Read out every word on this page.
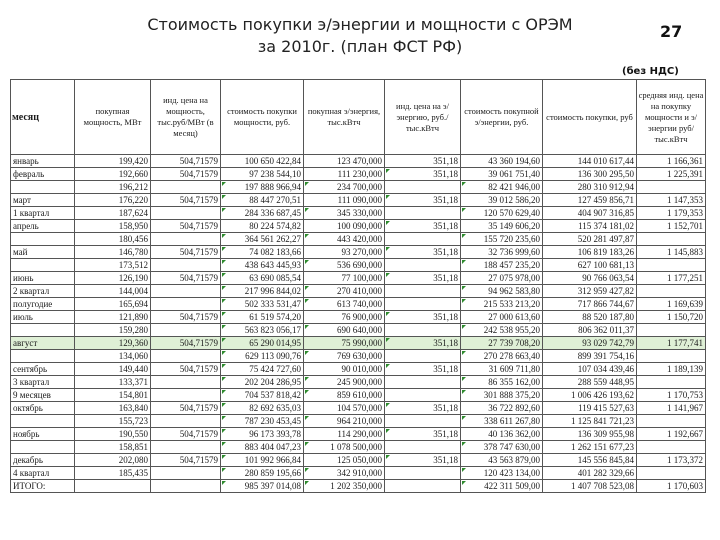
Стоимость покупки э/энергии и мощности с ОРЭМ
за 2010г. (план ФСТ РФ)
27
(без НДС)
месяц	покупная мощность, МВт	инд. цена на мощность, тыс.руб/МВт (в месяц)	стоимость покупки мощности, руб.	покупная э/энергия, тыс.кВтч	инд. цена на э/энергию, руб./тыс.кВтч	стоимость покупной э/энергии, руб.	стоимость покупки, руб	средняя инд. цена на покупку мощности и э/энергии руб/тыс.кВтч
январь	199,420	504,71579	100 650 422,84	123 470,000	351,18	43 360 194,60	144 010 617,44	1 166,361
февраль	192,660	504,71579	97 238 544,10	111 230,000	351,18	39 061 751,40	136 300 295,50	1 225,391
	196,212		197 888 966,94	234 700,000		82 421 946,00	280 310 912,94	
март	176,220	504,71579	88 447 270,51	111 090,000	351,18	39 012 586,20	127 459 856,71	1 147,353
1 квартал	187,624		284 336 687,45	345 330,000		120 570 629,40	404 907 316,85	1 179,353
апрель	158,950	504,71579	80 224 574,82	100 090,000	351,18	35 149 606,20	115 374 181,02	1 152,701
	180,456		364 561 262,27	443 420,000		155 720 235,60	520 281 497,87	
май	146,780	504,71579	74 082 183,66	93 270,000	351,18	32 736 999,60	106 819 183,26	1 145,883
	173,512		438 643 445,93	536 690,000		188 457 235,20	627 100 681,13	
июнь	126,190	504,71579	63 690 085,54	77 100,000	351,18	27 075 978,00	90 766 063,54	1 177,251
2 квартал	144,004		217 996 844,02	270 410,000		94 962 583,80	312 959 427,82	
полугодие	165,694		502 333 531,47	613 740,000		215 533 213,20	717 866 744,67	1 169,639
июль	121,890	504,71579	61 519 574,20	76 900,000	351,18	27 000 613,60	88 520 187,80	1 150,720
	159,280		563 823 056,17	690 640,000		242 538 955,20	806 362 011,37	
август	129,360	504,71579	65 290 014,95	75 990,000	351,18	27 739 708,20	93 029 742,79	1 177,741
	134,060		629 113 090,76	769 630,000		270 278 663,40	899 391 754,16	
сентябрь	149,440	504,71579	75 424 727,60	90 010,000	351,18	31 609 711,80	107 034 439,46	1 189,139
3 квартал	133,371		202 204 286,95	245 900,000		86 355 162,00	288 559 448,95	
9 месяцев	154,801		704 537 818,42	859 610,000		301 888 375,20	1 006 426 193,62	1 170,753
октябрь	163,840	504,71579	82 692 635,03	104 570,000	351,18	36 722 892,60	119 415 527,63	1 141,967
	155,723		787 230 453,45	964 210,000		338 611 267,80	1 125 841 721,23	
ноябрь	190,550	504,71579	96 173 393,78	114 290,000	351,18	40 136 362,00	136 309 955,98	1 192,667
	158,851		883 404 047,23	1 078 500,000		378 747 630,00	1 262 151 677,23	
декабрь	202,080	504,71579	101 992 966,84	125 050,000	351,18	43 563 879,00	145 556 845,84	1 173,372
4 квартал	185,435		280 859 195,66	342 910,000		120 423 134,00	401 282 329,66	
ИТОГО:			985 397 014,08	1 202 350,000		422 311 509,00	1 407 708 523,08	1 170,603
